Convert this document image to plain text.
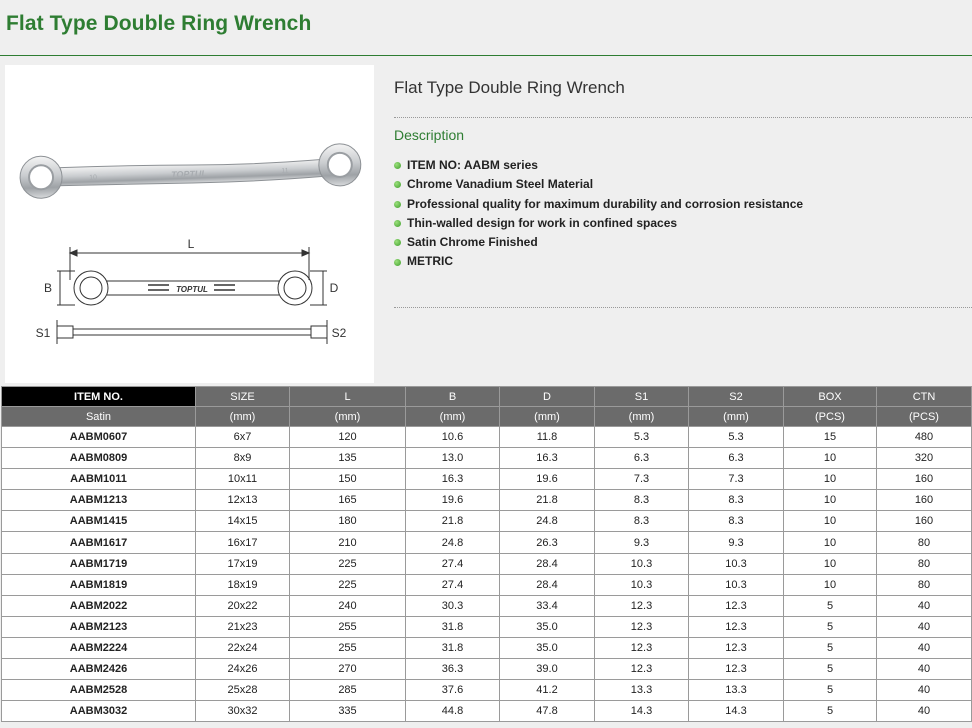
Flat Type Double Ring Wrench
TOPTUL
10
11
L
TOPTUL
B	D
S1	S2
Flat Type Double Ring Wrench
Description
ITEM NO: AABM series
Chrome Vanadium Steel Material
Professional quality for maximum durability and corrosion resistance
Thin-walled design for work in confined spaces
Satin Chrome Finished
METRIC
ITEM NO.	SIZE	L	B	D	S1	S2	BOX	CTN
Satin	(mm)	(mm)	(mm)	(mm)	(mm)	(mm)	(PCS)	(PCS)
AABM0607	6x7	120	10.6	11.8	5.3	5.3	15	480
AABM0809	8x9	135	13.0	16.3	6.3	6.3	10	320
AABM1011	10x11	150	16.3	19.6	7.3	7.3	10	160
AABM1213	12x13	165	19.6	21.8	8.3	8.3	10	160
AABM1415	14x15	180	21.8	24.8	8.3	8.3	10	160
AABM1617	16x17	210	24.8	26.3	9.3	9.3	10	80
AABM1719	17x19	225	27.4	28.4	10.3	10.3	10	80
AABM1819	18x19	225	27.4	28.4	10.3	10.3	10	80
AABM2022	20x22	240	30.3	33.4	12.3	12.3	5	40
AABM2123	21x23	255	31.8	35.0	12.3	12.3	5	40
AABM2224	22x24	255	31.8	35.0	12.3	12.3	5	40
AABM2426	24x26	270	36.3	39.0	12.3	12.3	5	40
AABM2528	25x28	285	37.6	41.2	13.3	13.3	5	40
AABM3032	30x32	335	44.8	47.8	14.3	14.3	5	40
